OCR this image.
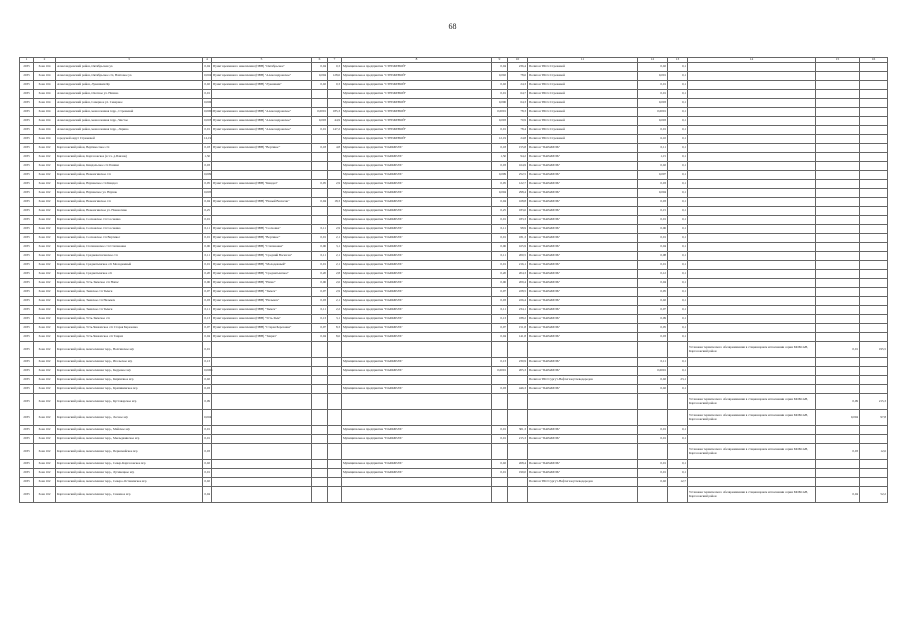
68
1	2	3	4	5	6	7	8	9	10	11	12	13	14	15	16
2035	Зона 164	Александровский район, Октябрьская ул.	0,04	Пункт временного накопления (ПВН) "Октябрьское"	0,04	0,3	Муниципальное предприятие "СТРЕЖЕВОЙ"	0,04	236,4	Полигон ТБО г.Стрежевой	0,02	0,1			
2035	Зона 164	Александровский район, Октябрьское с/п, Вахтовое ул.	0,004	Пункт временного накопления (ПВН) "Александровское"	0,004	128,6	Муниципальное предприятие "СТРЕЖЕВОЙ"	0,002	78,6	Полигон ТБО г.Стрежевой	0,001	0,1			
2035	Зона 164	Александровский район, Лукашкин Яр	0,02	Пункт временного накопления (ПВН) "Лукашкин"	0,02	0,3	Муниципальное предприятие "СТРЕЖЕВОЙ"	0,02	24,3	Полигон ТБО г.Стрежевой	0,01	0,1			
2035	Зона 164	Александровский район, Охотное ул. Назино	0,01				Муниципальное предприятие "СТРЕЖЕВОЙ"	0,01	64,7	Полигон ТБО г.Стрежевой	0,01	0,1			
2035	Зона 164	Александровский район, Северное ул. Северное	0,006				Муниципальное предприятие "СТРЕЖЕВОЙ"	0,006	64,3	Полигон ТБО г.Стрежевой	0,003	0,1			
2035	Зона 164	Александровский район, межселенная терр., Стрежевой	0,0001	Пункт временного накопления (ПВН) "Александровское"	0,0001	185,3	Муниципальное предприятие "СТРЕЖЕВОЙ"	0,0001	78,3	Полигон ТБО г.Стрежевой	0,0001	0,1			
2035	Зона 164	Александровский район, межселенная терр., Чистое	0,003	Пункт временного накопления (ПВН) "Александровское"	0,003	44,9	Муниципальное предприятие "СТРЕЖЕВОЙ"	0,003	70,9	Полигон ТБО г.Стрежевой	0,003	0,1			
2035	Зона 164	Александровский район, межселенная терр., Ларино	0,01	Пункт временного накопления (ПВН) "Александровское"	0,01	147,2	Муниципальное предприятие "СТРЕЖЕВОЙ"	0,01	78,4	Полигон ТБО г.Стрежевой	0,01	0,1			
2035	Зона 164	городской округ Стрежевой	12,19				Муниципальное предприятие "СТРЕЖЕВОЙ"	12,19	24,8	Полигон ТБО г.Стрежевой	6,10	0,1			
2035	Зона 162	Каргасокский район, Вертикосское с/п	0,18	Пункт временного накопления (ПВН) "Вертикос"	0,18	4,8	Муниципальное предприятие "ПАРАБЕЛЬ"	0,18	155,8	Полигон "ПАРАБЕЛЬ"	0,11	0,1			
2035	Зона 162	Каргасокский район, Каргасокское (в т.ч. д.Павлов)	1,50				Муниципальное предприятие "ПАРАБЕЛЬ"	1,50	94,2	Полигон "ПАРАБЕЛЬ"	1,15	0,1			
2035	Зона 162	Каргасокский район, Киндальское с/п Пашни	0,03				Муниципальное предприятие "ПАРАБЕЛЬ"	0,03	164,9	Полигон "ПАРАБЕЛЬ"	0,02	0,1			
2035	Зона 162	Каргасокский район, Новоюгинское с/п	0,009				Муниципальное предприятие "ПАРАБЕЛЬ"	0,009	252,5	Полигон "ПАРАБЕЛЬ"	0,007	0,1			
2035	Зона 162	Каргасокский район, Наунакское с/п Киндал	0,05	Пункт временного накопления (ПВН) "Киндал"	0,05	2,9	Муниципальное предприятие "ПАРАБЕЛЬ"	0,05	122,7	Полигон "ПАРАБЕЛЬ"	0,03	0,1			
2035	Зона 162	Каргасокский район, Наунакское ул. Наунак	0,005				Муниципальное предприятие "ПАРАБЕЛЬ"	0,004	298,4	Полигон "ПАРАБЕЛЬ"	0,004	0,1			
2035	Зона 162	Каргасокский район, Новоюгинское с/п	0,04	Пункт временного накопления (ПВН) "Новый Васюган"	0,04	18,3	Муниципальное предприятие "ПАРАБЕЛЬ"	0,04	168,8	Полигон "ПАРАБЕЛЬ"	0,03	0,1			
2035	Зона 162	Каргасокский район, Новоюгинское ул. Новоюгино	0,25				Муниципальное предприятие "ПАРАБЕЛЬ"	0,25	183,6	Полигон "ПАРАБЕЛЬ"	0,15	0,1			
2035	Зона 162	Каргасокский район, Сосновское с/п Сосновка	0,01				Муниципальное предприятие "ПАРАБЕЛЬ"	0,01	183,3	Полигон "ПАРАБЕЛЬ"	0,01	0,1			
2035	Зона 162	Каргасокский район, Сосновское с/п Сосновка	0,11	Пункт временного накопления (ПВН) "Сосновка"	0,11	2,9	Муниципальное предприятие "ПАРАБЕЛЬ"	0,11	98,9	Полигон "ПАРАБЕЛЬ"	0,06	0,1			
2035	Зона 162	Каргасокский район, Сосновское с/п Вертикос	0,01	Пункт временного накопления (ПВН) "Вертикос"	0,01	2,1	Муниципальное предприятие "ПАРАБЕЛЬ"	0,01	181,3	Полигон "ПАРАБЕЛЬ"	0,01	0,1			
2035	Зона 162	Каргасокский район, Степановское с/п Степановка	0,06	Пункт временного накопления (ПВН) "Степановка"	0,06	3,1	Муниципальное предприятие "ПАРАБЕЛЬ"	0,06	165,9	Полигон "ПАРАБЕЛЬ"	0,04	0,1			
2035	Зона 162	Каргасокский район, Средневасюганское с/п	0,11	Пункт временного накопления (ПВН) "Средний Васюган"	0,11	2,1	Муниципальное предприятие "ПАРАБЕЛЬ"	0,11	200,5	Полигон "ПАРАБЕЛЬ"	0,08	0,1			
2035	Зона 162	Каргасокский район, Среднетымское с/п Молодежный	0,01	Пункт временного накопления (ПВН) "Молодежный"	0,01	2,1	Муниципальное предприятие "ПАРАБЕЛЬ"	0,01	216,1	Полигон "ПАРАБЕЛЬ"	0,01	0,1			
2035	Зона 162	Каргасокский район, Среднетымское с/п	0,20	Пункт временного накопления (ПВН) "Среднетымское"	0,20	2,8	Муниципальное предприятие "ПАРАБЕЛЬ"	0,20	204,3	Полигон "ПАРАБЕЛЬ"	0,12	0,1			
2035	Зона 162	Каргасокский район, Усть-Тымское с/п Напас	0,06	Пункт временного накопления (ПВН) "Напас"	0,06	2,6	Муниципальное предприятие "ПАРАБЕЛЬ"	0,06	209,4	Полигон "ПАРАБЕЛЬ"	0,04	0,1			
2035	Зона 162	Каргасокский район, Тымское с/п Тымск	0,07	Пункт временного накопления (ПВН) "Тымск"	0,07	2,9	Муниципальное предприятие "ПАРАБЕЛЬ"	0,07	228,5	Полигон "ПАРАБЕЛЬ"	0,05	0,1			
2035	Зона 162	Каргасокский район, Тымское с/п Нельмач	0,03	Пункт временного накопления (ПВН) "Нельмач"	0,03	2,1	Муниципальное предприятие "ПАРАБЕЛЬ"	0,03	226,4	Полигон "ПАРАБЕЛЬ"	0,02	0,1			
2035	Зона 162	Каргасокский район, Тымское с/п Тымск	0,11	Пункт временного накопления (ПВН) "Тымск"	0,11	2,2	Муниципальное предприятие "ПАРАБЕЛЬ"	0,11	234,1	Полигон "ПАРАБЕЛЬ"	0,07	0,1			
2035	Зона 162	Каргасокский район, Усть-Тымское с/п	0,13	Пункт временного накопления (ПВН) "Усть-Тым"	0,13	3,1	Муниципальное предприятие "ПАРАБЕЛЬ"	0,13	188,2	Полигон "ПАРАБЕЛЬ"	0,09	0,1			
2035	Зона 162	Каргасокский район, Усть-Чижапское с/п Старая Березовка	0,07	Пункт временного накопления (ПВН) "Старая Березовка"	0,07	8,3	Муниципальное предприятие "ПАРАБЕЛЬ"	0,07	151,8	Полигон "ПАРАБЕЛЬ"	0,05	0,1			
2035	Зона 162	Каргасокский район, Усть-Чижапское с/п Тевриз	0,04	Пункт временного накопления (ПВН) "Тевриз"	0,04	8,6	Муниципальное предприятие "ПАРАБЕЛЬ"	0,04	141,8	Полигон "ПАРАБЕЛЬ"	0,03	0,1			
2035	Зона 162	Каргасокский район, межселенная терр., Волгинское м/р	0,01										Установка термического обезвреживания в стационарном исполнении серии МОБСАН, Каргасокский район	0,01	195,5
2035	Зона 162	Каргасокский район, межселенная терр., Игольское м/р	0,13				Муниципальное предприятие "ПАРАБЕЛЬ"	0,13	230,9	Полигон "ПАРАБЕЛЬ"	0,11	0,1			
2035	Зона 162	Каргасокский район, межселенная терр., Кедровое м/р	0,0001				Муниципальное предприятие "ПАРАБЕЛЬ"	0,0001	205,3	Полигон "ПАРАБЕЛЬ"	0,0001	0,1			
2035	Зона 162	Каргасокский район, межселенная терр., Кирпичное м/р	0,02							Полигон ТБО Сургут-Нефтегазоуглеводородов	0,02	23,1			
2035	Зона 162	Каргасокский район, межселенная терр., Крапивинское м/р	0,03				Муниципальное предприятие "ПАРАБЕЛЬ"	0,03	446,3	Полигон "ПАРАБЕЛЬ"	0,02	0,1			
2035	Зона 162	Каргасокский район, межселенная терр., Куставарское м/р	0,09										Установка термического обезвреживания в стационарном исполнении серии МОБСАН, Каргасокский район	0,09	215,3
2035	Зона 162	Каргасокский район, межселенная терр., Лесное м/р	0,004										Установка термического обезвреживания в стационарном исполнении серии МОБСАН, Каргасокский район	0,004	97,8
2035	Зона 162	Каргасокский район, межселенная терр., Майское м/р	0,01				Муниципальное предприятие "ПАРАБЕЛЬ"	0,01	301,3	Полигон "ПАРАБЕЛЬ"	0,01	0,1			
2035	Зона 162	Каргасокский район, межселенная терр., Мыльджинское м/р	0,01				Муниципальное предприятие "ПАРАБЕЛЬ"	0,01	215,3	Полигон "ПАРАБЕЛЬ"	0,01	0,1			
2035	Зона 162	Каргасокский район, межселенная терр., Первомайское м/р	0,03										Установка термического обезвреживания в стационарном исполнении серии МОБСАН, Каргасокский район	0,03	12,6
2035	Зона 162	Каргасокский район, межселенная терр., Север-Каргасокское м/р	0,02				Муниципальное предприятие "ПАРАБЕЛЬ"	0,02	268,4	Полигон "ПАРАБЕЛЬ"	0,01	0,1			
2035	Зона 162	Каргасокский район, межселенная терр., Лугинецкое м/р	0,01				Муниципальное предприятие "ПАРАБЕЛЬ"	0,01	199,0	Полигон "ПАРАБЕЛЬ"	0,01	0,1			
2035	Зона 162	Каргасокский район, межселенная терр., Северо-Останинское м/р	0,02							Полигон ТБО Сургут-Нефтегазоуглеводородов	0,02	12,7			
2035	Зона 162	Каргасокский район, межселенная терр., Снежное м/р	0,04										Установка термического обезвреживания в стационарном исполнении серии МОБСАН, Каргасокский район	0,04	52,2
